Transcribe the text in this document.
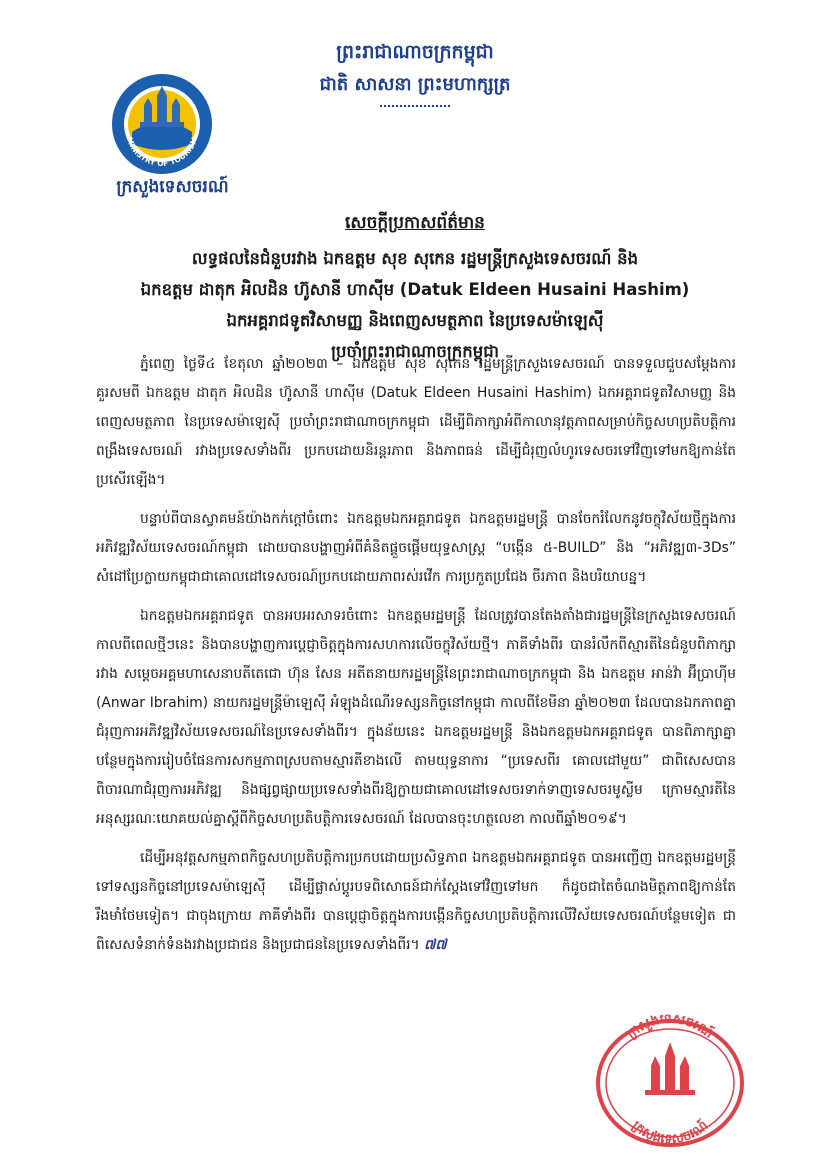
ព្រះរាជាណាចក្រកម្ពុជា
ជាតិ សាសនា ព្រះមហាក្សត្រ
MINISTRY OF TOURISM
ក្រសួងទេសចរណ៍
សេចក្តីប្រកាសព័ត៌មាន
លទ្ធផលនៃជំនួបរវាង ឯកឧត្តម សុខ សុកេន រដ្ឋមន្ត្រីក្រសួងទេសចរណ៍ និង
ឯកឧត្តម ដាតុក អិលដិន ហ៊ូសានី ហាស៊ីម (Datuk Eldeen Husaini Hashim)
ឯកអគ្គរាជទូតវិសាមញ្ញ និងពេញសមត្ថភាព នៃប្រទេសម៉ាឡេស៊ី
ប្រចាំព្រះរាជាណាចក្រកម្ពុជា

ភ្នំពេញ ថ្ងៃទី៤ ខែតុលា ឆ្នាំ២០២៣ – ឯកឧត្តម សុខ សុកេន រដ្ឋមន្ត្រីក្រសួងទេសចរណ៍ បានទទួលជួបសម្តែងការគួរសមពី ឯកឧត្តម ដាតុក អិលដិន ហ៊ូសានី ហាស៊ីម (Datuk Eldeen Husaini Hashim) ឯកអគ្គរាជទូតវិសាមញ្ញ និងពេញសមត្ថភាព នៃប្រទេសម៉ាឡេស៊ី ប្រចាំព្រះរាជាណាចក្រកម្ពុជា ដើម្បីពិភាក្សាអំពីកាលានុវត្តភាពសម្រាប់កិច្ចសហប្រតិបត្តិការពង្រឹងទេសចរណ៍ រវាងប្រទេសទាំងពីរ ប្រកបដោយនិរន្តរភាព និងភាពធន់ ដើម្បីជំរុញលំហូរទេសចរទៅវិញទៅមកឱ្យកាន់តែប្រសើរឡើង។

បន្ទាប់ពីបានស្វាគមន៍យ៉ាងកក់ក្តៅចំពោះ ឯកឧត្តមឯកអគ្គរាជទូត ឯកឧត្តមរដ្ឋមន្ត្រី បានចែករំលែកនូវចក្ខុវិស័យថ្មីក្នុងការអភិវឌ្ឍវិស័យទេសចរណ៍កម្ពុជា ដោយបានបង្ហាញអំពីគំនិតផ្តួចផ្តើមយុទ្ធសាស្ត្រ “បង្កើន ៥-BUILD” និង “អភិវឌ្ឍ៣-3Ds” សំដៅប្រែក្លាយកម្ពុជាជាគោលដៅទេសចរណ៍ប្រកបដោយភាពរស់រវើក ការប្រកួតប្រជែង ចីរភាព និងបរិយាបន្ន។

ឯកឧត្តមឯកអគ្គរាជទូត បានអបអរសាទរចំពោះ ឯកឧត្តមរដ្ឋមន្ត្រី ដែលត្រូវបានតែងតាំងជារដ្ឋមន្ត្រីនៃក្រសួងទេសចរណ៍កាលពីពេលថ្មីៗនេះ និងបានបង្ហាញការប្តេជ្ញាចិត្តក្នុងការសហការលើចក្ខុវិស័យថ្មី។ ភាគីទាំងពីរ បានរំលឹកពីស្មារតីនៃជំនួបពិភាក្សារវាង សម្តេចអគ្គមហាសេនាបតីតេជោ ហ៊ុន សែន អតីតនាយករដ្ឋមន្ត្រីនៃព្រះរាជាណាចក្រកម្ពុជា និង ឯកឧត្តម អាន់វ៉ា អ៊ីប្រាហ៊ីម (Anwar Ibrahim) នាយករដ្ឋមន្ត្រីម៉ាឡេស៊ី អំឡុងដំណើរទស្សនកិច្ចនៅកម្ពុជា កាលពីខែមីនា ឆ្នាំ២០២៣ ដែលបានឯកភាពគ្នាជំរុញការអភិវឌ្ឍវិស័យទេសចរណ៍នៃប្រទេសទាំងពីរ។ ក្នុងន័យនេះ ឯកឧត្តមរដ្ឋមន្ត្រី និងឯកឧត្តមឯកអគ្គរាជទូត បានពិភាក្សាគ្នាបន្ថែមក្នុងការរៀបចំផែនការសកម្មភាពស្របតាមស្មារតីខាងលើ តាមយុទ្ធនាការ “ប្រទេសពីរ គោលដៅមួយ” ជាពិសេសបានពិចារណាជំរុញការអភិវឌ្ឍ និងផ្សព្វផ្សាយប្រទេសទាំងពីរឱ្យក្លាយជាគោលដៅទេសចរទាក់ទាញទេសចរមូស្លីម ក្រោមស្មារតីនៃអនុស្សរណៈយោគយល់គ្នាស្តីពីកិច្ចសហប្រតិបត្តិការទេសចរណ៍ ដែលបានចុះហត្ថលេខា កាលពីឆ្នាំ២០១៩។

ដើម្បីអនុវត្តសកម្មភាពកិច្ចសហប្រតិបត្តិការប្រកបដោយប្រសិទ្ធភាព ឯកឧត្តមឯកអគ្គរាជទូត បានអញ្ជើញ ឯកឧត្តមរដ្ឋមន្ត្រី ទៅទស្សនកិច្ចនៅប្រទេសម៉ាឡេស៊ី ដើម្បីផ្លាស់ប្តូរបទពិសោធន៍ជាក់ស្តែងទៅវិញទៅមក ក៏ដូចជាតៃចំណងមិត្តភាពឱ្យកាន់តែរឹងមាំថែមទៀត។ ជាចុងក្រោយ ភាគីទាំងពីរ បានប្តេជ្ញាចិត្តក្នុងការបង្កើនកិច្ចសហប្រតិបត្តិការលើវិស័យទេសចរណ៍បន្ថែមទៀត ជាពិសេសទំនាក់ទំនងរវាងប្រជាជន និងប្រជាជននៃប្រទេសទាំងពីរ។ ៧៧

ក្រសួងទេសចរណ៍
ក្រសួងទេសចរណ៍
